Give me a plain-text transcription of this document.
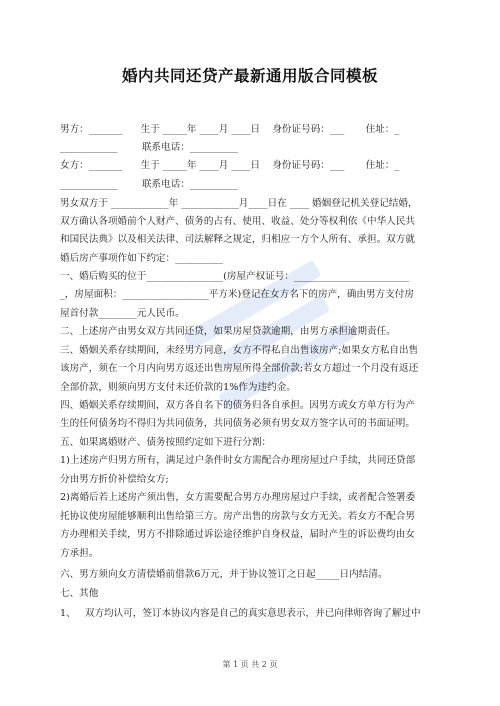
婚内共同还贷产最新通用版合同模板

男方：_______      生于 _____年 ____月 ____日    身份证号码：___       住址：_

____________        联系电话：__________

女方：_______      生于 _____年 ____月 ____日    身份证号码：___       住址：_

____________        联系电话：__________

男女双方于 ____________年 ____________月____日在 ____ 婚姻登记机关登记结婚，

双方确认各项婚前个人财产、债务的占有、使用、收益、处分等权利依《中华人民共

和国民法典》以及相关法律、司法解释之规定，归相应一方个人所有、承担。双方就

婚后房产事项作如下约定：__________

一、婚后购买的位于________________(房屋产权证号：________________________

_，房屋面积：__________________平方米)登记在女方名下的房产，确由男方支付房

屋首付款________元人民币。

二、上述房产由男女双方共同还贷，如果房屋贷款逾期，由男方承担逾期责任。

三、婚姻关系存续期间，未经男方同意，女方不得私自出售该房产;如果女方私自出售

该房产，须在一个月内向男方返还出售房屋所得全部价款;若女方超过一个月没有返还

全部价款，则须向男方支付未还价款的1%作为违约金。

四、婚姻关系存续期间，双方各自名下的债务归各自承担。因男方或女方单方行为产

生的任何债务均不得归为共同债务，共同债务必须有男女双方签字认可的书面证明。

五、如果离婚财产、债务按照约定如下进行分割：

1)上述房产归男方所有，满足过户条件时女方需配合办理房屋过户手续，共同还贷部

分由男方折价补偿给女方;

2)离婚后若上述房产须出售，女方需要配合男方办理房屋过户手续，或者配合签署委

托协议使房屋能够顺利出售给第三方。房产出售的房款与女方无关。若女方不配合男

方办理相关手续，男方不排除通过诉讼途径维护自身权益，届时产生的诉讼费均由女

方承担。

六、男方须向女方清偿婚前借款6万元，并于协议签订之日起_____日内结清。

七、其他

1、   双方均认可，签订本协议内容是自己的真实意思表示，并已向律师咨询了解过中

第 1 页 共 2 页
